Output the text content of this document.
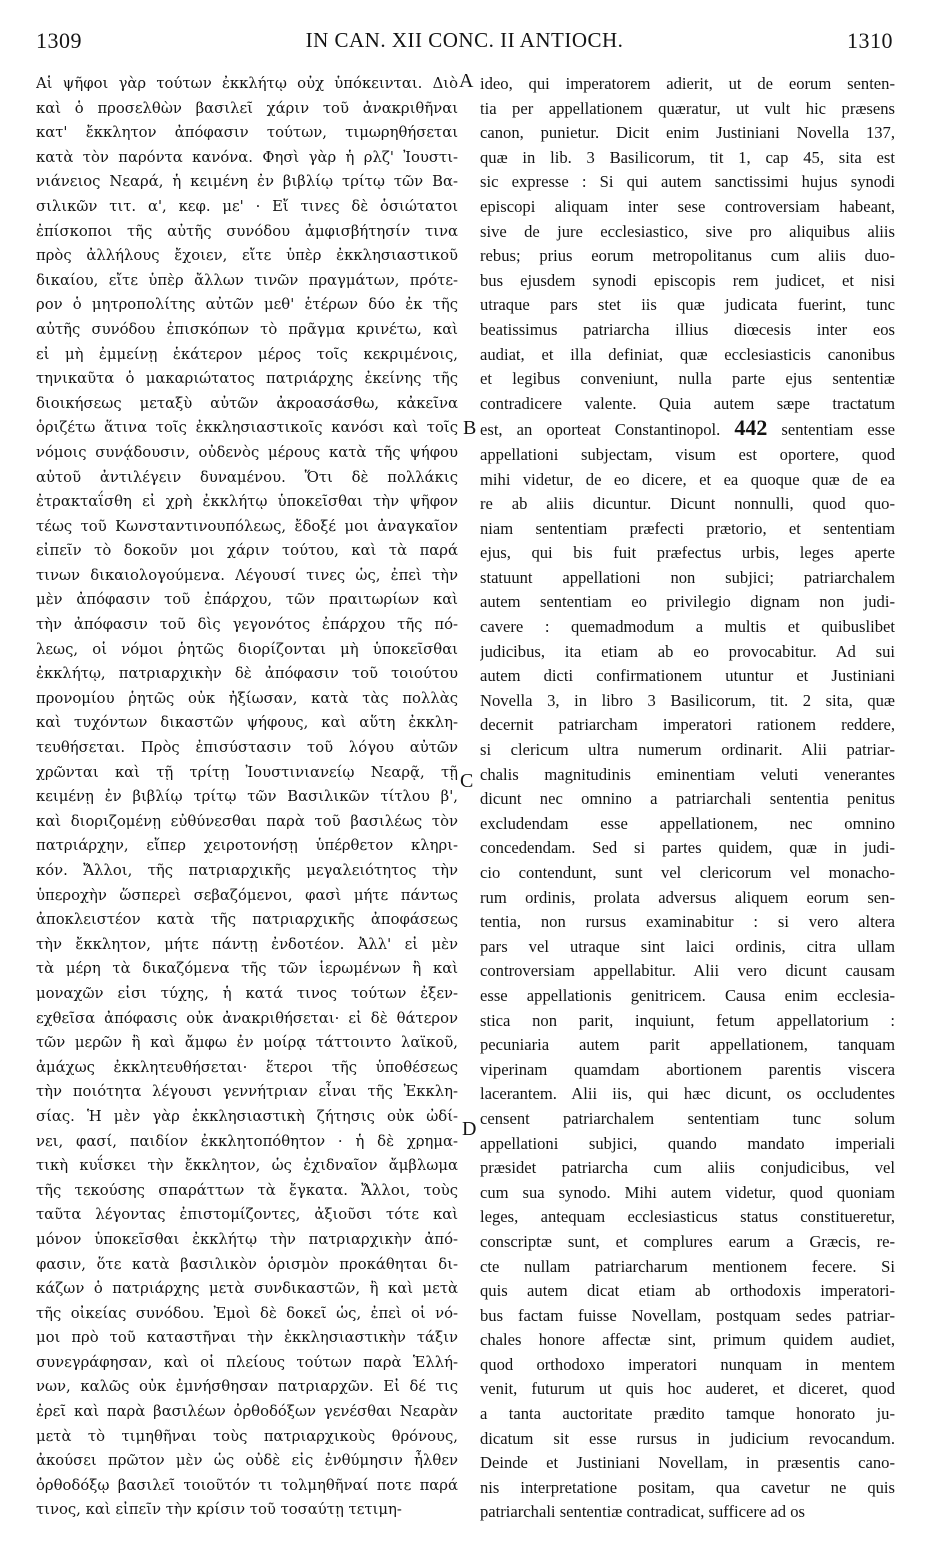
1309	IN CAN. XII CONC. II ANTIOCH.	1310
Αἱ ψῆφοι γὰρ τούτων ἐκκλήτῳ οὐχ ὑπόκεινται. Διὸ
καὶ ὁ προσελθὼν βασιλεῖ χάριν τοῦ ἀνακριθῆναι
κατ' ἔκκλητον ἀπόφασιν τούτων, τιμωρηθήσεται
κατὰ τὸν παρόντα κανόνα. Φησὶ γὰρ ἡ ρλζ' Ἰουστι-
νιάνειος Νεαρά, ἡ κειμένη ἐν βιβλίῳ τρίτῳ τῶν Βα-
σιλικῶν τιτ. α', κεφ. με' · Εἴ τινες δὲ ὁσιώτατοι
ἐπίσκοποι τῆς αὐτῆς συνόδου ἀμφισβήτησίν τινα
πρὸς ἀλλήλους ἔχοιεν, εἴτε ὑπὲρ ἐκκλησιαστικοῦ
δικαίου, εἴτε ὑπὲρ ἄλλων τινῶν πραγμάτων, πρότε-
ρον ὁ μητροπολίτης αὐτῶν μεθ' ἑτέρων δύο ἐκ τῆς
αὐτῆς συνόδου ἐπισκόπων τὸ πρᾶγμα κρινέτω, καὶ
εἰ μὴ ἐμμείνῃ ἑκάτερον μέρος τοῖς κεκριμένοις,
τηνικαῦτα ὁ μακαριώτατος πατριάρχης ἐκείνης τῆς
διοικήσεως μεταξὺ αὐτῶν ἀκροασάσθω, κἀκεῖνα
ὁριζέτω ἅτινα τοῖς ἐκκλησιαστικοῖς κανόσι καὶ τοῖς
νόμοις συνᾴδουσιν, οὐδενὸς μέρους κατὰ τῆς ψήφου
αὐτοῦ ἀντιλέγειν δυναμένου. Ὅτι δὲ πολλάκις
ἐτρακταΐσθη εἰ χρὴ ἐκκλήτῳ ὑποκεῖσθαι τὴν ψῆφον
τέως τοῦ Κωνσταντινουπόλεως, ἔδοξέ μοι ἀναγκαῖον
εἰπεῖν τὸ δοκοῦν μοι χάριν τούτου, καὶ τὰ παρά
τινων δικαιολογούμενα. Λέγουσί τινες ὡς, ἐπεὶ τὴν
μὲν ἀπόφασιν τοῦ ἐπάρχου, τῶν πραιτωρίων καὶ
τὴν ἀπόφασιν τοῦ δὶς γεγονότος ἐπάρχου τῆς πό-
λεως, οἱ νόμοι ῥητῶς διορίζονται μὴ ὑποκεῖσθαι
ἐκκλήτῳ, πατριαρχικὴν δὲ ἀπόφασιν τοῦ τοιούτου
προνομίου ῥητῶς οὐκ ἠξίωσαν, κατὰ τὰς πολλὰς
καὶ τυχόντων δικαστῶν ψήφους, καὶ αὕτη ἐκκλη-
τευθήσεται. Πρὸς ἐπισύστασιν τοῦ λόγου αὐτῶν
χρῶνται καὶ τῇ τρίτῃ Ἰουστινιανείῳ Νεαρᾷ, τῇ
κειμένῃ ἐν βιβλίῳ τρίτῳ τῶν Βασιλικῶν τίτλου β',
καὶ διοριζομένῃ εὐθύνεσθαι παρὰ τοῦ βασιλέως τὸν
πατριάρχην, εἴπερ χειροτονήσῃ ὑπέρθετον κληρι-
κόν. Ἄλλοι, τῆς πατριαρχικῆς μεγαλειότητος τὴν
ὑπεροχὴν ὥσπερεὶ σεβαζόμενοι, φασὶ μήτε πάντως
ἀποκλειστέον κατὰ τῆς πατριαρχικῆς ἀποφάσεως
τὴν ἔκκλητον, μήτε πάντῃ ἐνδοτέον. Ἀλλ' εἰ μὲν
τὰ μέρη τὰ δικαζόμενα τῆς τῶν ἱερωμένων ἢ καὶ
μοναχῶν εἰσι τύχης, ἡ κατά τινος τούτων ἐξεν-
εχθεῖσα ἀπόφασις οὐκ ἀνακριθήσεται· εἰ δὲ θάτερον
τῶν μερῶν ἢ καὶ ἄμφω ἐν μοίρᾳ τάττοιντο λαϊκοῦ,
ἀμάχως ἐκκλητευθήσεται· ἕτεροι τῆς ὑποθέσεως
τὴν ποιότητα λέγουσι γεννήτριαν εἶναι τῆς Ἐκκλη-
σίας. Ἡ μὲν γὰρ ἐκκλησιαστικὴ ζήτησις οὐκ ὠδί-
νει, φασί, παιδίον ἐκκλητοπόθητον · ἡ δὲ χρημα-
τικὴ κυΐσκει τὴν ἔκκλητον, ὡς ἐχιδναῖον ἄμβλωμα
τῆς τεκούσης σπαράττων τὰ ἔγκατα. Ἄλλοι, τοὺς
ταῦτα λέγοντας ἐπιστομίζοντες, ἀξιοῦσι τότε καὶ
μόνον ὑποκεῖσθαι ἐκκλήτῳ τὴν πατριαρχικὴν ἀπό-
φασιν, ὅτε κατὰ βασιλικὸν ὁρισμὸν προκάθηται δι-
κάζων ὁ πατριάρχης μετὰ συνδικαστῶν, ἢ καὶ μετὰ
τῆς οἰκείας συνόδου. Ἐμοὶ δὲ δοκεῖ ὡς, ἐπεὶ οἱ νό-
μοι πρὸ τοῦ καταστῆναι τὴν ἐκκλησιαστικὴν τάξιν
συνεγράφησαν, καὶ οἱ πλείους τούτων παρὰ Ἑλλή-
νων, καλῶς οὐκ ἐμνήσθησαν πατριαρχῶν. Εἰ δέ τις
ἐρεῖ καὶ παρὰ βασιλέων ὀρθοδόξων γενέσθαι Νεαρὰν
μετὰ τὸ τιμηθῆναι τοὺς πατριαρχικοὺς θρόνους,
ἀκούσει πρῶτον μὲν ὡς οὐδὲ εἰς ἐνθύμησιν ἦλθεν
ὀρθοδόξῳ βασιλεῖ τοιοῦτόν τι τολμηθῆναί ποτε παρά
τινος, καὶ εἰπεῖν τὴν κρίσιν τοῦ τοσαύτῃ τετιμη-
ideo, qui imperatorem adierit, ut de eorum senten-
tia per appellationem quæratur, ut vult hic præsens
canon, punietur. Dicit enim Justiniani Novella 137,
quæ in lib. 3 Basilicorum, tit 1, cap 45, sita est
sic expresse : Si qui autem sanctissimi hujus synodi
episcopi aliquam inter sese controversiam habeant,
sive de jure ecclesiastico, sive pro aliquibus aliis
rebus; prius eorum metropolitanus cum aliis duo-
bus ejusdem synodi episcopis rem judicet, et nisi
utraque pars stet iis quæ judicata fuerint, tunc
beatissimus patriarcha illius diœcesis inter eos
audiat, et illa definiat, quæ ecclesiasticis canonibus
et legibus conveniunt, nulla parte ejus sententiæ
contradicere valente. Quia autem sæpe tractatum
est, an oporteat Constantinopol. 442 sententiam esse
appellationi subjectam, visum est oportere, quod
mihi videtur, de eo dicere, et ea quoque quæ de ea
re ab aliis dicuntur. Dicunt nonnulli, quod quo-
niam sententiam præfecti prætorio, et sententiam
ejus, qui bis fuit præfectus urbis, leges aperte
statuunt appellationi non subjici; patriarchalem
autem sententiam eo privilegio dignam non judi-
cavere : quemadmodum a multis et quibuslibet
judicibus, ita etiam ab eo provocabitur. Ad sui
autem dicti confirmationem utuntur et Justiniani
Novella 3, in libro 3 Basilicorum, tit. 2 sita, quæ
decernit patriarcham imperatori rationem reddere,
si clericum ultra numerum ordinarit. Alii patriar-
chalis magnitudinis eminentiam veluti venerantes
dicunt nec omnino a patriarchali sententia penitus
excludendam esse appellationem, nec omnino
concedendam. Sed si partes quidem, quæ in judi-
cio contendunt, sunt vel clericorum vel monacho-
rum ordinis, prolata adversus aliquem eorum sen-
tentia, non rursus examinabitur : si vero altera
pars vel utraque sint laici ordinis, citra ullam
controversiam appellabitur. Alii vero dicunt causam
esse appellationis genitricem. Causa enim ecclesia-
stica non parit, inquiunt, fetum appellatorium :
pecuniaria autem parit appellationem, tanquam
viperinam quamdam abortionem parentis viscera
lacerantem. Alii iis, qui hæc dicunt, os occludentes
censent patriarchalem sententiam tunc solum
appellationi subjici, quando mandato imperiali
præsidet patriarcha cum aliis conjudicibus, vel
cum sua synodo. Mihi autem videtur, quod quoniam
leges, antequam ecclesiasticus status constitueretur,
conscriptæ sunt, et complures earum a Græcis, re-
cte nullam patriarcharum mentionem fecere. Si
quis autem dicat etiam ab orthodoxis imperatori-
bus factam fuisse Novellam, postquam sedes patriar-
chales honore affectæ sint, primum quidem audiet,
quod orthodoxo imperatori nunquam in mentem
venit, futurum ut quis hoc auderet, et diceret, quod
a tanta auctoritate prædito tamque honorato ju-
dicatum sit esse rursus in judicium revocandum.
Deinde et Justiniani Novellam, in præsentis cano-
nis interpretatione positam, qua cavetur ne quis
patriarchali sententiæ contradicat, sufficere ad os
A
B
C
D
